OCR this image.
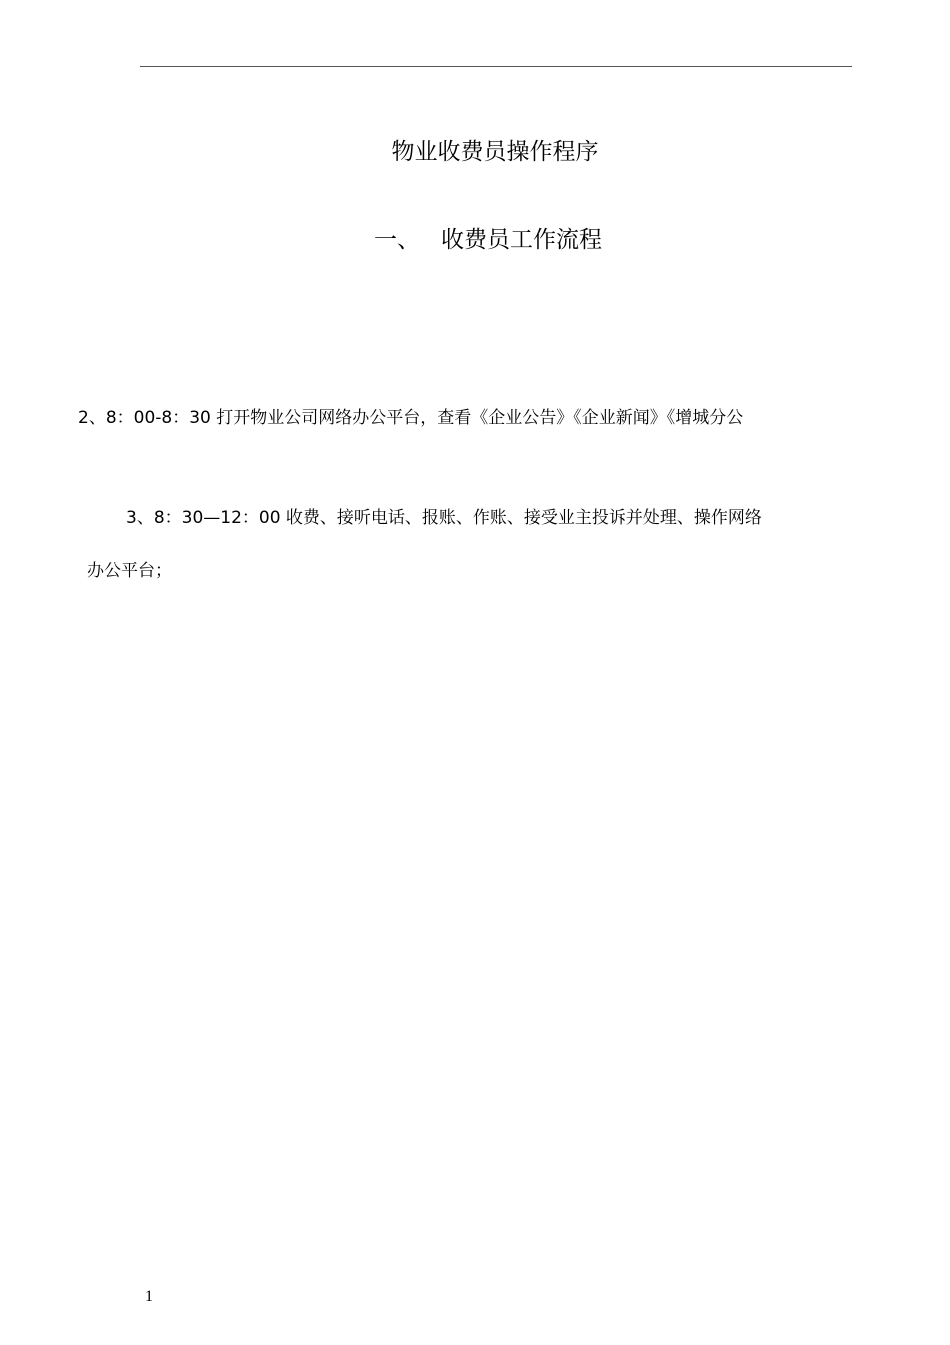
物业收费员操作程序
一、 收费员工作流程
2、8：00-8：30 打开物业公司网络办公平台，查看《企业公告》《企业新闻》《增城分公
3、8：30—12：00 收费、接听电话、报账、作账、接受业主投诉并处理、操作网络
办公平台；
1
